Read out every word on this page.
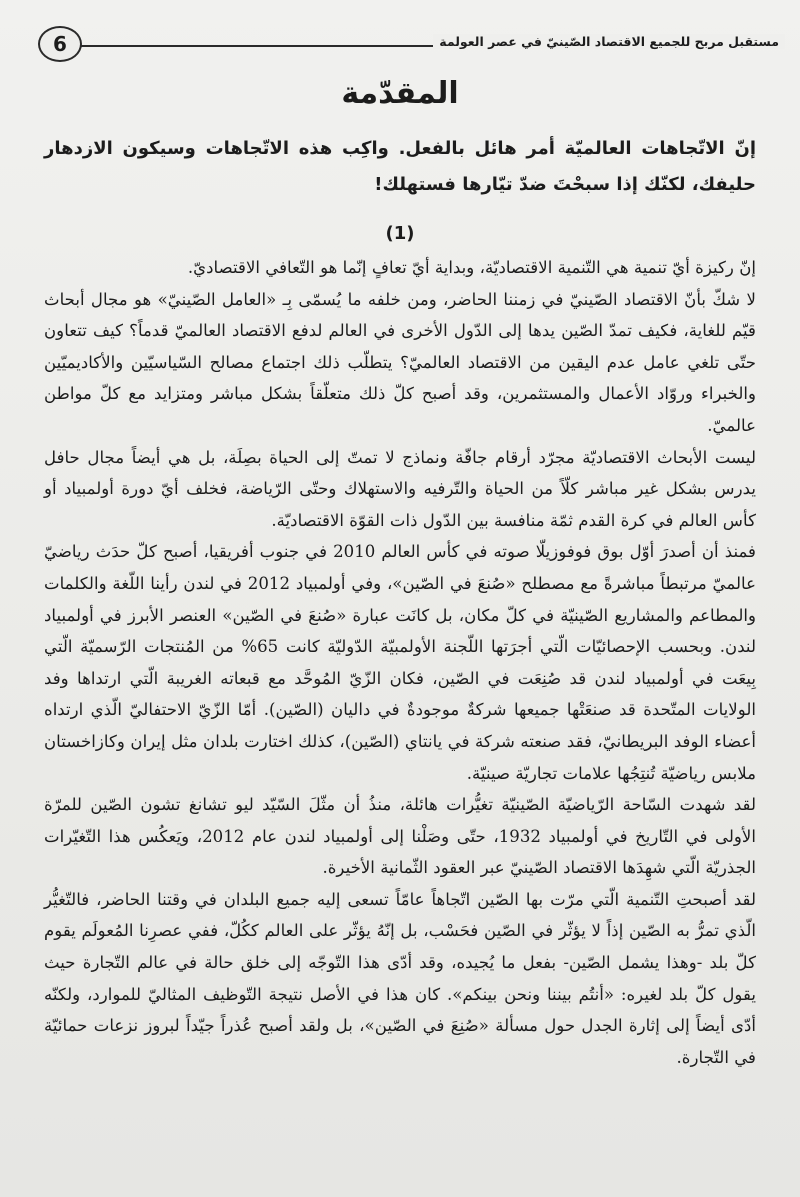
6	مستقبل مربح للجميع الاقتصاد الصّينيّ في عصر العولمة
المقدّمة

إنّ الاتّجاهات العالميّة أمر هائل بالفعل. واكِب هذه الاتّجاهات وسيكون الازدهار حليفك، لكنّك إذا سبحْتَ ضدّ تيّارها فستهلك!

(1)

إنّ ركيزة أيّ تنمية هي التّنمية الاقتصاديّة، وبداية أيّ تعافٍ إنّما هو التّعافي الاقتصاديّ.

لا شكّ بأنّ الاقتصاد الصّينيّ في زمننا الحاضر، ومن خلفه ما يُسمّى بِـ «العامل الصّينيّ» هو مجال أبحاث قيّم للغاية، فكيف تمدّ الصّين يدها إلى الدّول الأخرى في العالم لدفع الاقتصاد العالميّ قدماً؟ كيف تتعاون حتّى تلغي عامل عدم اليقين من الاقتصاد العالميّ؟ يتطلّب ذلك اجتماع مصالح السّياسيّين والأكاديميّين والخبراء وروّاد الأعمال والمستثمرين، وقد أصبح كلّ ذلك متعلّقاً بشكل مباشر ومتزايد مع كلّ مواطن عالميّ.

ليست الأبحاث الاقتصاديّة مجرّد أرقام جافّة ونماذج لا تمتّ إلى الحياة بصِلَة، بل هي أيضاً مجال حافل يدرس بشكل غير مباشر كلّاً من الحياة والتّرفيه والاستهلاك وحتّى الرّياضة، فخلف أيّ دورة أولمبياد أو كأس العالم في كرة القدم ثمّة منافسة بين الدّول ذات القوّة الاقتصاديّة.

فمنذ أن أصدرَ أوّل بوق فوفوزيلّا صوته في كأس العالم 2010 في جنوب أفريقيا، أصبح كلّ حدَث رياضيّ عالميّ مرتبطاً مباشرةً مع مصطلح «صُنعَ في الصّين»، وفي أولمبياد 2012 في لندن رأينا اللّغة والكلمات والمطاعم والمشاريع الصّينيّة في كلّ مكان، بل كانَت عبارة «صُنعَ في الصّين» العنصر الأبرز في أولمبياد لندن. وبحسب الإحصائيّات الّتي أجرَتها اللّجنة الأولمبيّة الدّوليّة كانت 65% من المُنتجات الرّسميّة الّتي بِيعَت في أولمبياد لندن قد صُنِعَت في الصّين، فكان الزّيّ المُوحَّد مع قبعاته الغريبة الّتي ارتداها وفد الولايات المتّحدة قد صنعَتْها جميعها شركةٌ موجودةٌ في داليان (الصّين). أمّا الزّيّ الاحتفاليّ الّذي ارتداه أعضاء الوفد البريطانيّ، فقد صنعته شركة في يانتاي (الصّين)، كذلك اختارت بلدان مثل إيران وكازاخستان ملابس رياضيّة تُنتِجُها علامات تجاريّة صينيّة.

لقد شهدت السّاحة الرّياضيّة الصّينيّة تغيُّرات هائلة، منذُ أن مثّلَ السّيّد ليو تشانغ تشون الصّين للمرّة الأولى في التّاريخ في أولمبياد 1932، حتّى وصَلْنا إلى أولمبياد لندن عام 2012، ويَعكُس هذا التّغيّرات الجذريّة الّتي شهِدَها الاقتصاد الصّينيّ عبر العقود الثّمانية الأخيرة.

لقد أصبحتِ التّنمية الّتي مرّت بها الصّين اتّجاهاً عامّاً تسعى إليه جميع البلدان في وقتنا الحاضر، فالتّغيُّر الّذي تمرُّ به الصّين إذاً لا يؤثّر في الصّين فحَسْب، بل إنّهُ يؤثّر على العالم ككُلّ، ففي عصرِنا المُعولَم يقوم كلّ بلد -وهذا يشمل الصّين- بفعل ما يُجيده، وقد أدّى هذا التّوجّه إلى خلق حالة في عالم التّجارة حيث يقول كلّ بلد لغيره: «أنتُم بيننا ونحن بينكم». كان هذا في الأصل نتيجة التّوظيف المثاليّ للموارد، ولكنّه أدّى أيضاً إلى إثارة الجدل حول مسألة «صُنِعَ في الصّين»، بل ولقد أصبح عُذراً جيّداً لبروز نزعات حمائيّة في التّجارة.
